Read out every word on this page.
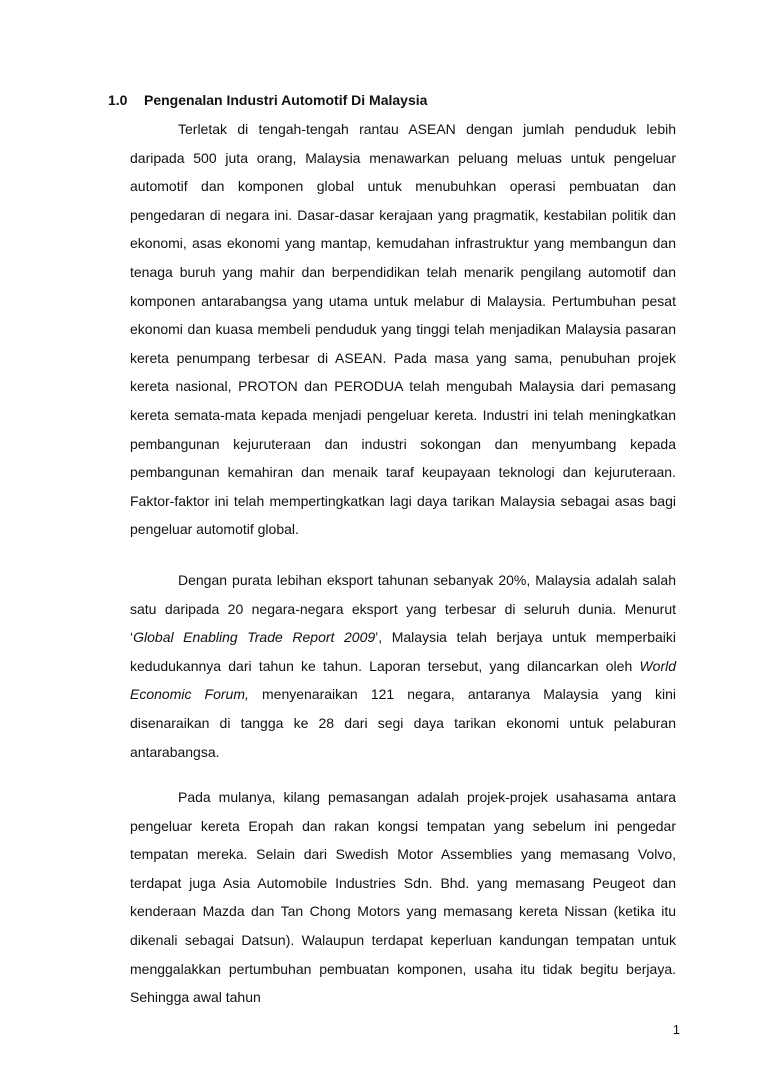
1.0 Pengenalan Industri Automotif Di Malaysia

Terletak di tengah-tengah rantau ASEAN dengan jumlah penduduk lebih daripada 500 juta orang, Malaysia menawarkan peluang meluas untuk pengeluar automotif dan komponen global untuk menubuhkan operasi pembuatan dan pengedaran di negara ini. Dasar-dasar kerajaan yang pragmatik, kestabilan politik dan ekonomi, asas ekonomi yang mantap, kemudahan infrastruktur yang membangun dan tenaga buruh yang mahir dan berpendidikan telah menarik pengilang automotif dan komponen antarabangsa yang utama untuk melabur di Malaysia. Pertumbuhan pesat ekonomi dan kuasa membeli penduduk yang tinggi telah menjadikan Malaysia pasaran kereta penumpang terbesar di ASEAN. Pada masa yang sama, penubuhan projek kereta nasional, PROTON dan PERODUA telah mengubah Malaysia dari pemasang kereta semata-mata kepada menjadi pengeluar kereta. Industri ini telah meningkatkan pembangunan kejuruteraan dan industri sokongan dan menyumbang kepada pembangunan kemahiran dan menaik taraf keupayaan teknologi dan kejuruteraan. Faktor-faktor ini telah mempertingkatkan lagi daya tarikan Malaysia sebagai asas bagi pengeluar automotif global.

Dengan purata lebihan eksport tahunan sebanyak 20%, Malaysia adalah salah satu daripada 20 negara-negara eksport yang terbesar di seluruh dunia. Menurut ‘Global Enabling Trade Report 2009’, Malaysia telah berjaya untuk memperbaiki kedudukannya dari tahun ke tahun. Laporan tersebut, yang dilancarkan oleh World Economic Forum, menyenaraikan 121 negara, antaranya Malaysia yang kini disenaraikan di tangga ke 28 dari segi daya tarikan ekonomi untuk pelaburan antarabangsa.

Pada mulanya, kilang pemasangan adalah projek-projek usahasama antara pengeluar kereta Eropah dan rakan kongsi tempatan yang sebelum ini pengedar tempatan mereka. Selain dari Swedish Motor Assemblies yang memasang Volvo, terdapat juga Asia Automobile Industries Sdn. Bhd. yang memasang Peugeot dan kenderaan Mazda dan Tan Chong Motors yang memasang kereta Nissan (ketika itu dikenali sebagai Datsun). Walaupun terdapat keperluan kandungan tempatan untuk menggalakkan pertumbuhan pembuatan komponen, usaha itu tidak begitu berjaya. Sehingga awal tahun

1
